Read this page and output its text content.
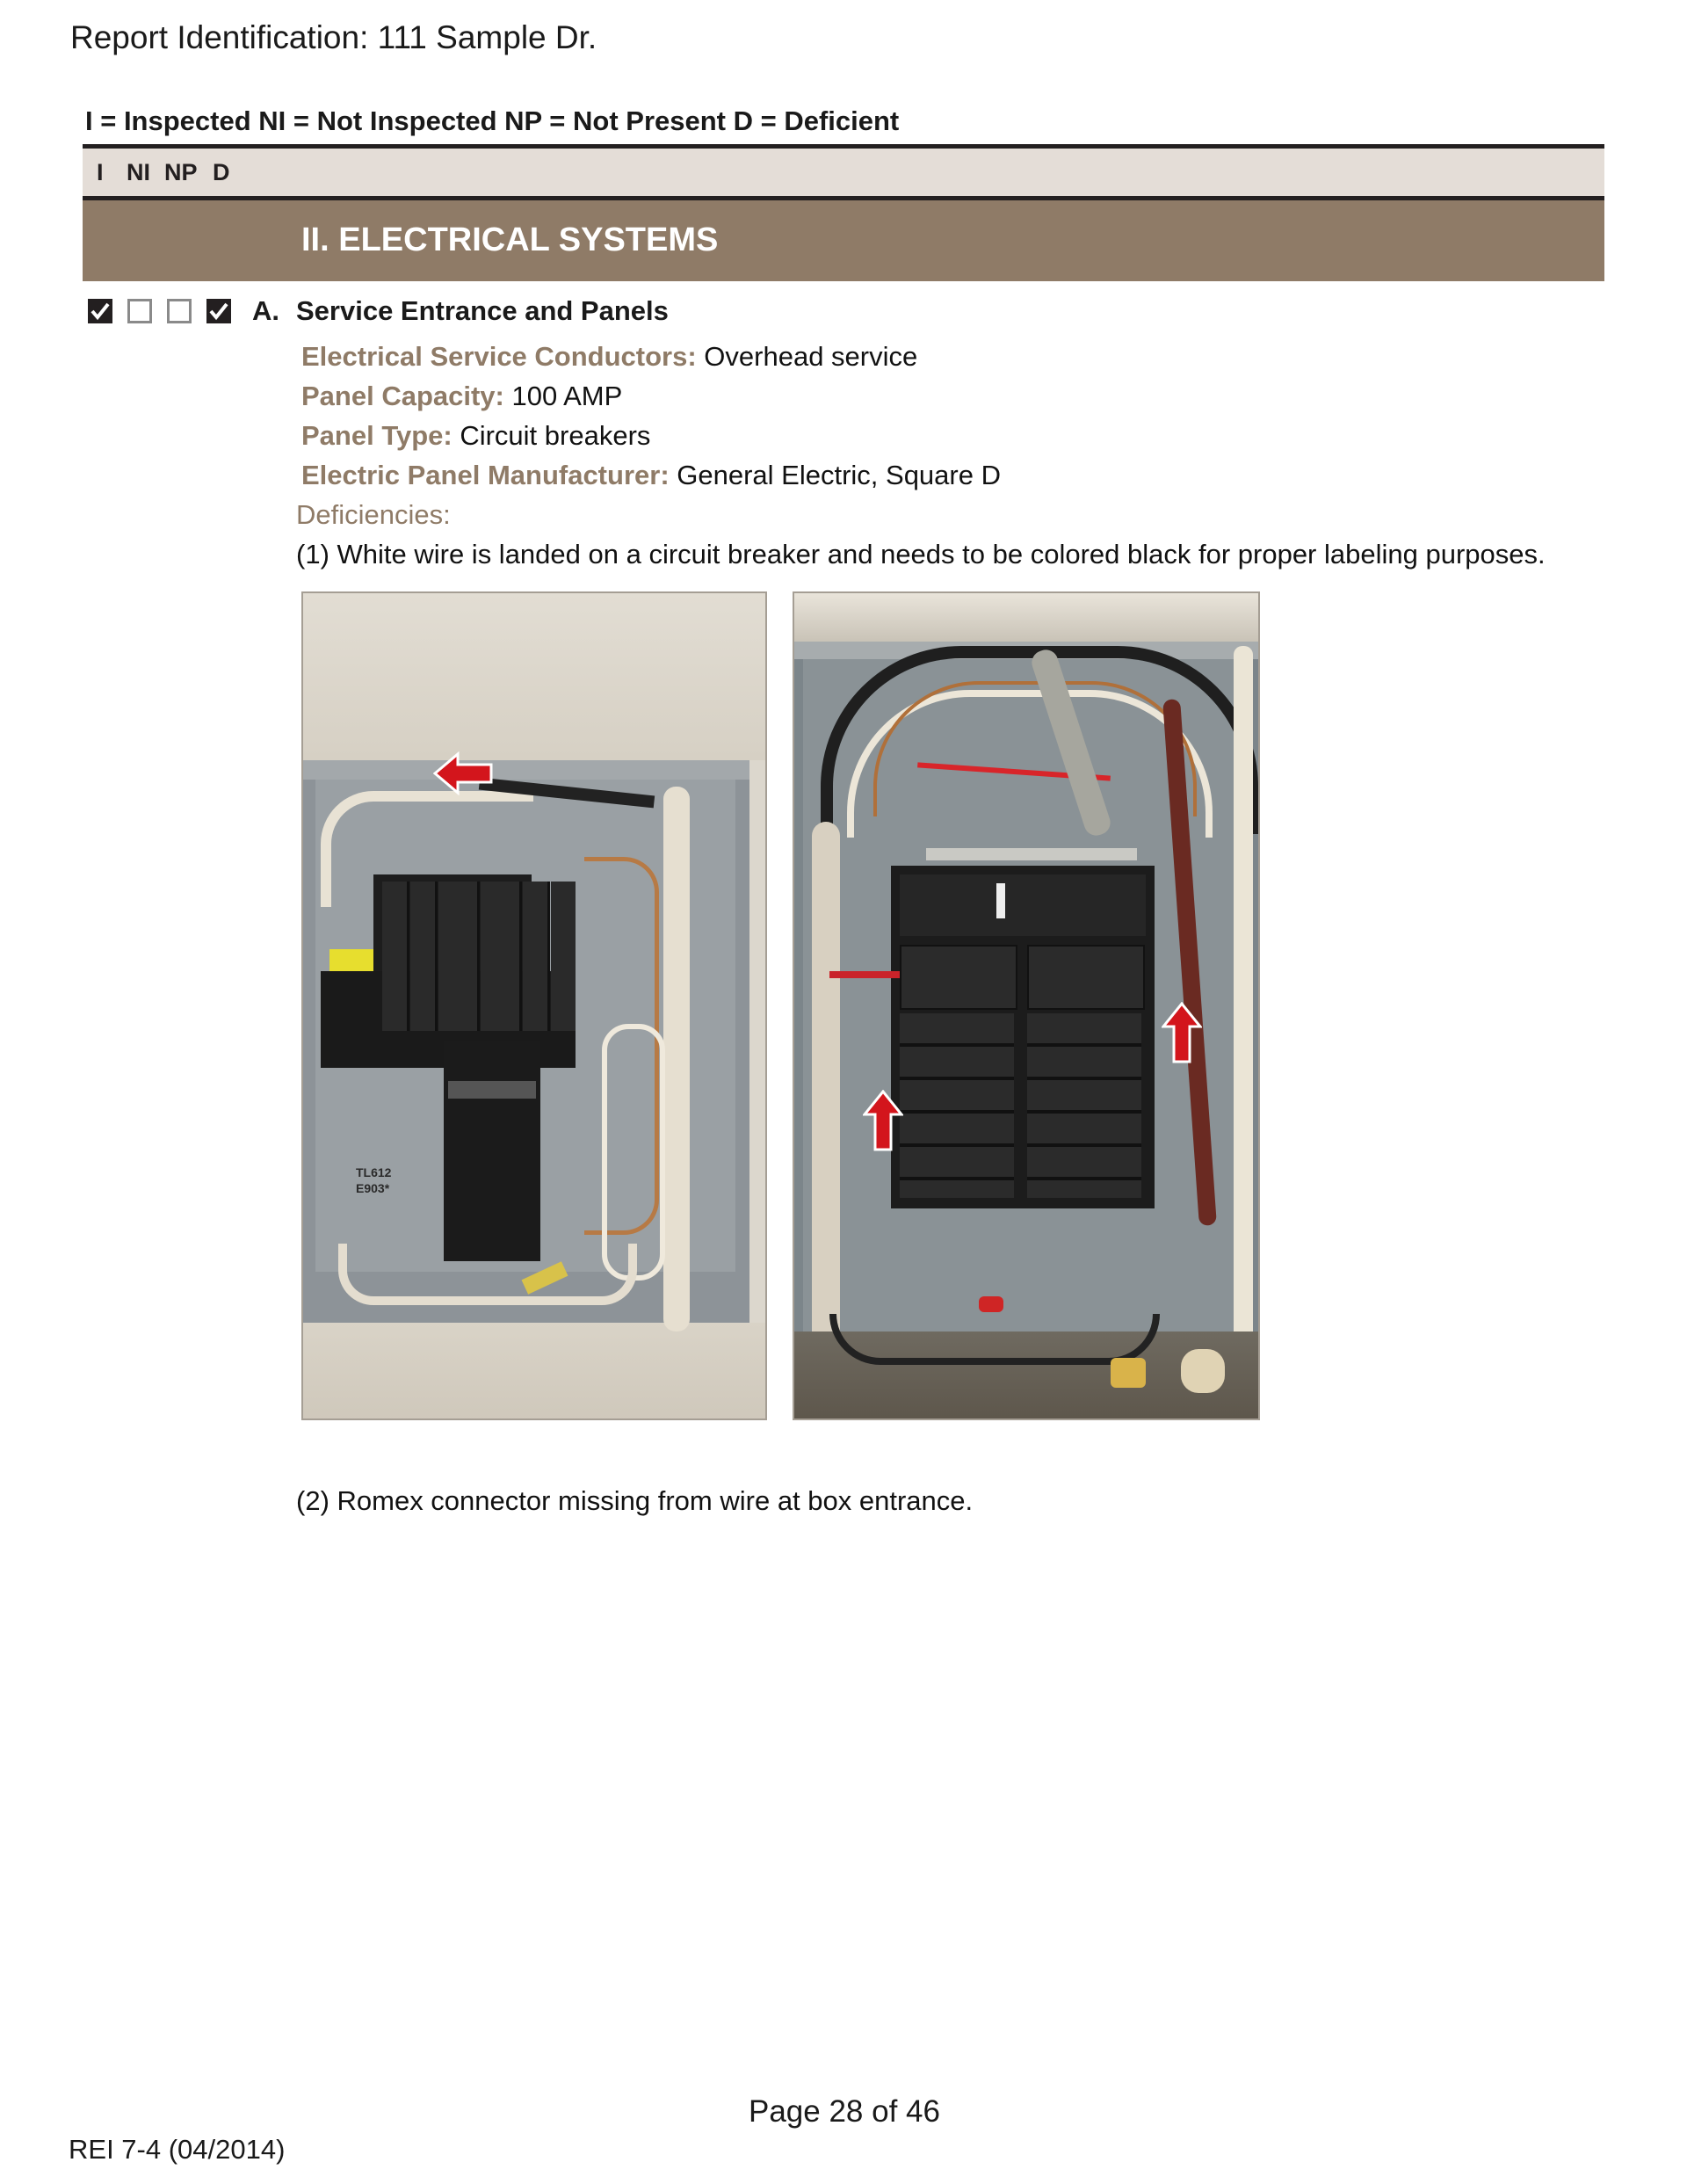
Report Identification: 111 Sample Dr.
I = Inspected NI = Not Inspected NP = Not Present D = Deficient
I NI NP D
II. ELECTRICAL SYSTEMS
A. Service Entrance and Panels
Electrical Service Conductors: Overhead service
Panel Capacity: 100 AMP
Panel Type: Circuit breakers
Electric Panel Manufacturer: General Electric, Square D
Deficiencies:
(1) White wire is landed on a circuit breaker and needs to be colored black for proper labeling purposes.
TL612
E903*
(2) Romex connector missing from wire at box entrance.
Page 28 of 46
REI 7-4 (04/2014)
